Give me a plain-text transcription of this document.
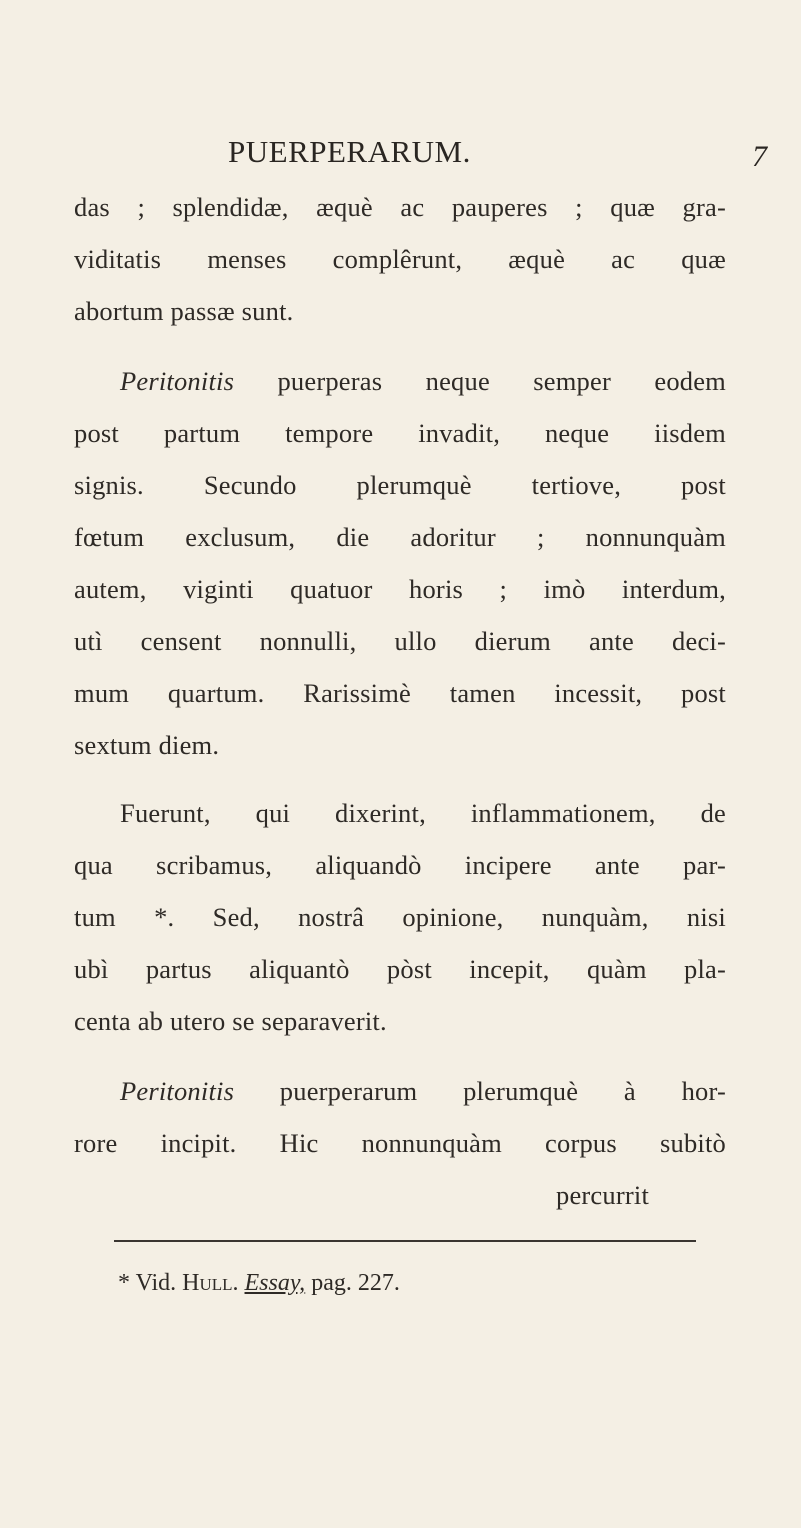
PUERPERARUM.	7
das ; splendidæ, æquè ac pauperes ; quæ gra-
viditatis menses complêrunt, æquè ac quæ
abortum passæ sunt.
Peritonitis puerperas neque semper eodem
post partum tempore invadit, neque iisdem
signis. Secundo plerumquè tertiove, post
fœtum exclusum, die adoritur ; nonnunquàm
autem, viginti quatuor horis ; imò interdum,
utì censent nonnulli, ullo dierum ante deci-
mum quartum. Rarissimè tamen incessit, post
sextum diem.
Fuerunt, qui dixerint, inflammationem, de
qua scribamus, aliquandò incipere ante par-
tum *. Sed, nostrâ opinione, nunquàm, nisi
ubì partus aliquantò pòst incepit, quàm pla-
centa ab utero se separaverit.
Peritonitis puerperarum plerumquè à hor-
rore incipit. Hic nonnunquàm corpus subitò
percurrit
* Vid. Hull. Essay, pag. 227.
